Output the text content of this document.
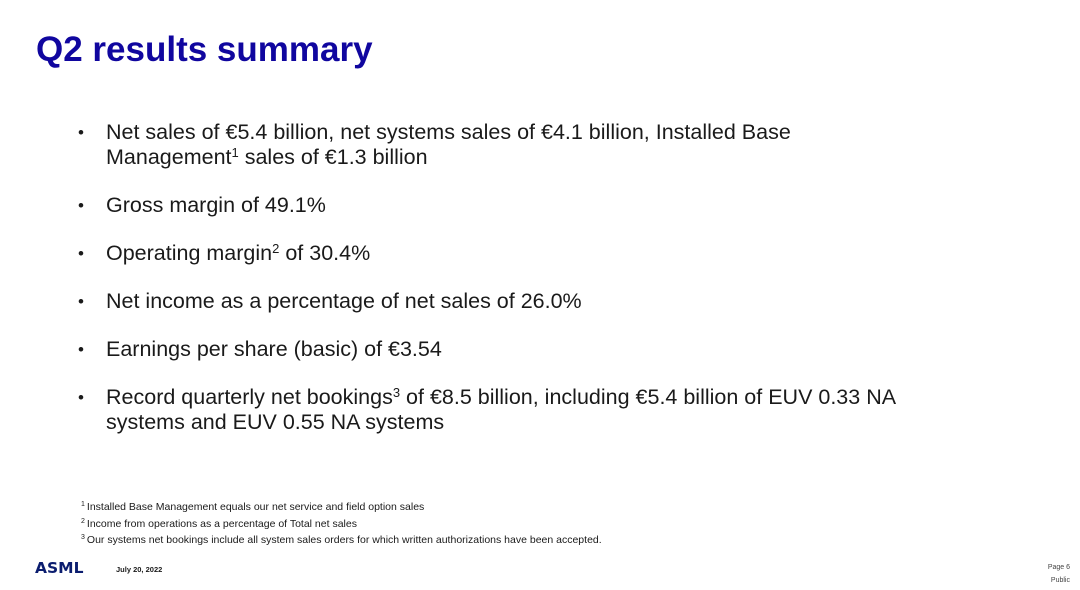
Q2 results summary
• Net sales of €5.4 billion, net systems sales of €4.1 billion, Installed Base Management$^1$ sales of €1.3 billion
• Gross margin of 49.1%
• Operating margin$^2$ of 30.4%
• Net income as a percentage of net sales of 26.0%
• Earnings per share (basic) of €3.54
• Record quarterly net bookings$^3$ of €8.5 billion, including €5.4 billion of EUV 0.33 NA systems and EUV 0.55 NA systems
$^1$ Installed Base Management equals our net service and field option sales
$^2$ Income from operations as a percentage of Total net sales
$^3$ Our systems net bookings include all system sales orders for which written authorizations have been accepted.
ASML	July 20, 2022	Page 6
Public
